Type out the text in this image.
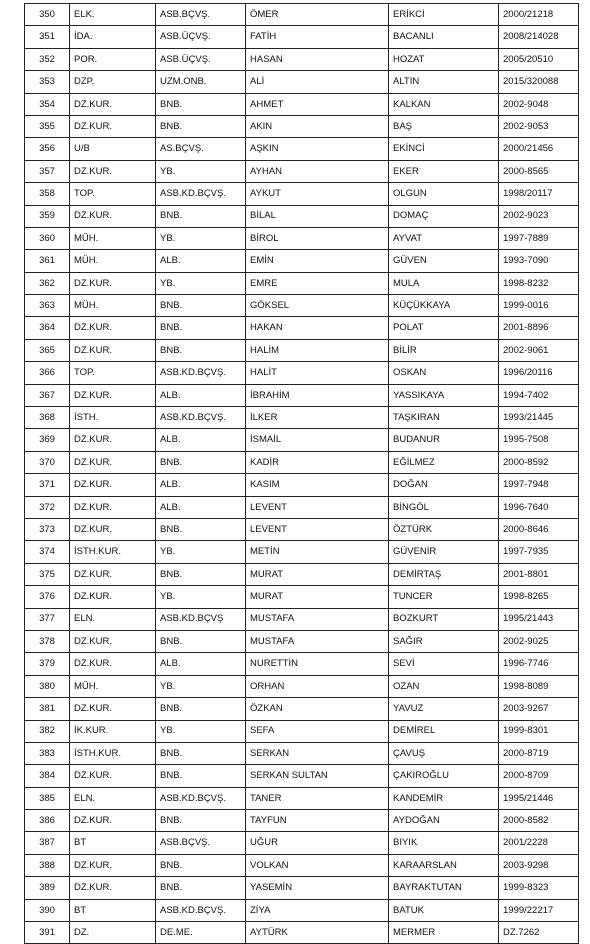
350	ELK.	ASB.BÇVŞ.	ÖMER	ERİKCİ	2000/21218
351	İDA.	ASB.ÜÇVŞ.	FATİH	BACANLI	2008/214028
352	POR.	ASB.ÜÇVŞ.	HASAN	HOZAT	2005/20510
353	DZP.	UZM.ONB.	ALİ	ALTIN	2015/320088
354	DZ.KUR.	BNB.	AHMET	KALKAN	2002-9048
355	DZ.KUR.	BNB.	AKIN	BAŞ	2002-9053
356	U/B	AS.BÇVŞ.	AŞKIN	EKİNCİ	2000/21456
357	DZ.KUR.	YB.	AYHAN	EKER	2000-8565
358	TOP.	ASB.KD.BÇVŞ.	AYKUT	OLGUN	1998/20117
359	DZ.KUR.	BNB.	BİLAL	DOMAÇ	2002-9023
360	MÜH.	YB.	BİROL	AYVAT	1997-7889
361	MÜH.	ALB.	EMİN	GÜVEN	1993-7090
362	DZ.KUR.	YB.	EMRE	MULA	1998-8232
363	MÜH.	BNB.	GÖKSEL	KÜÇÜKKAYA	1999-0016
364	DZ.KUR.	BNB.	HAKAN	POLAT	2001-8896
365	DZ.KUR.	BNB.	HALİM	BİLİR	2002-9061
366	TOP.	ASB.KD.BÇVŞ.	HALİT	OSKAN	1996/20116
367	DZ.KUR.	ALB.	İBRAHİM	YASSIKAYA	1994-7402
368	İSTH.	ASB.KD.BÇVŞ.	İLKER	TAŞKIRAN	1993/21445
369	DZ.KUR.	ALB.	İSMAİL	BUDANUR	1995-7508
370	DZ.KUR.	BNB.	KADİR	EĞİLMEZ	2000-8592
371	DZ.KUR.	ALB.	KASIM	DOĞAN	1997-7948
372	DZ.KUR.	ALB.	LEVENT	BİNGÖL	1996-7640
373	DZ.KUR.	BNB.	LEVENT	ÖZTÜRK	2000-8646
374	İSTH.KUR.	YB.	METİN	GÜVENİR	1997-7935
375	DZ.KUR.	BNB.	MURAT	DEMİRTAŞ	2001-8801
376	DZ.KUR.	YB.	MURAT	TUNCER	1998-8265
377	ELN.	ASB.KD.BÇVŞ	MUSTAFA	BOZKURT	1995/21443
378	DZ.KUR.	BNB.	MUSTAFA	SAĞIR	2002-9025
379	DZ.KUR.	ALB.	NURETTİN	SEVİ	1996-7746
380	MÜH.	YB.	ORHAN	OZAN	1998-8089
381	DZ.KUR.	BNB.	ÖZKAN	YAVUZ	2003-9267
382	İK.KUR.	YB.	SEFA	DEMİREL	1999-8301
383	İSTH.KUR.	BNB.	SERKAN	ÇAVUŞ	2000-8719
384	DZ.KUR.	BNB.	SERKAN SULTAN	ÇAKIROĞLU	2000-8709
385	ELN.	ASB.KD.BÇVŞ.	TANER	KANDEMİR	1995/21446
386	DZ.KUR.	BNB.	TAYFUN	AYDOĞAN	2000-8582
387	BT	ASB.BÇVŞ.	UĞUR	BIYIK	2001/2228
388	DZ.KUR.	BNB.	VOLKAN	KARAARSLAN	2003-9298
389	DZ.KUR.	BNB.	YASEMİN	BAYRAKTUTAN	1999-8323
390	BT	ASB.KD.BÇVŞ.	ZİYA	BATUK	1999/22217
391	DZ.	DE.ME.	AYTÜRK	MERMER	DZ.7262
